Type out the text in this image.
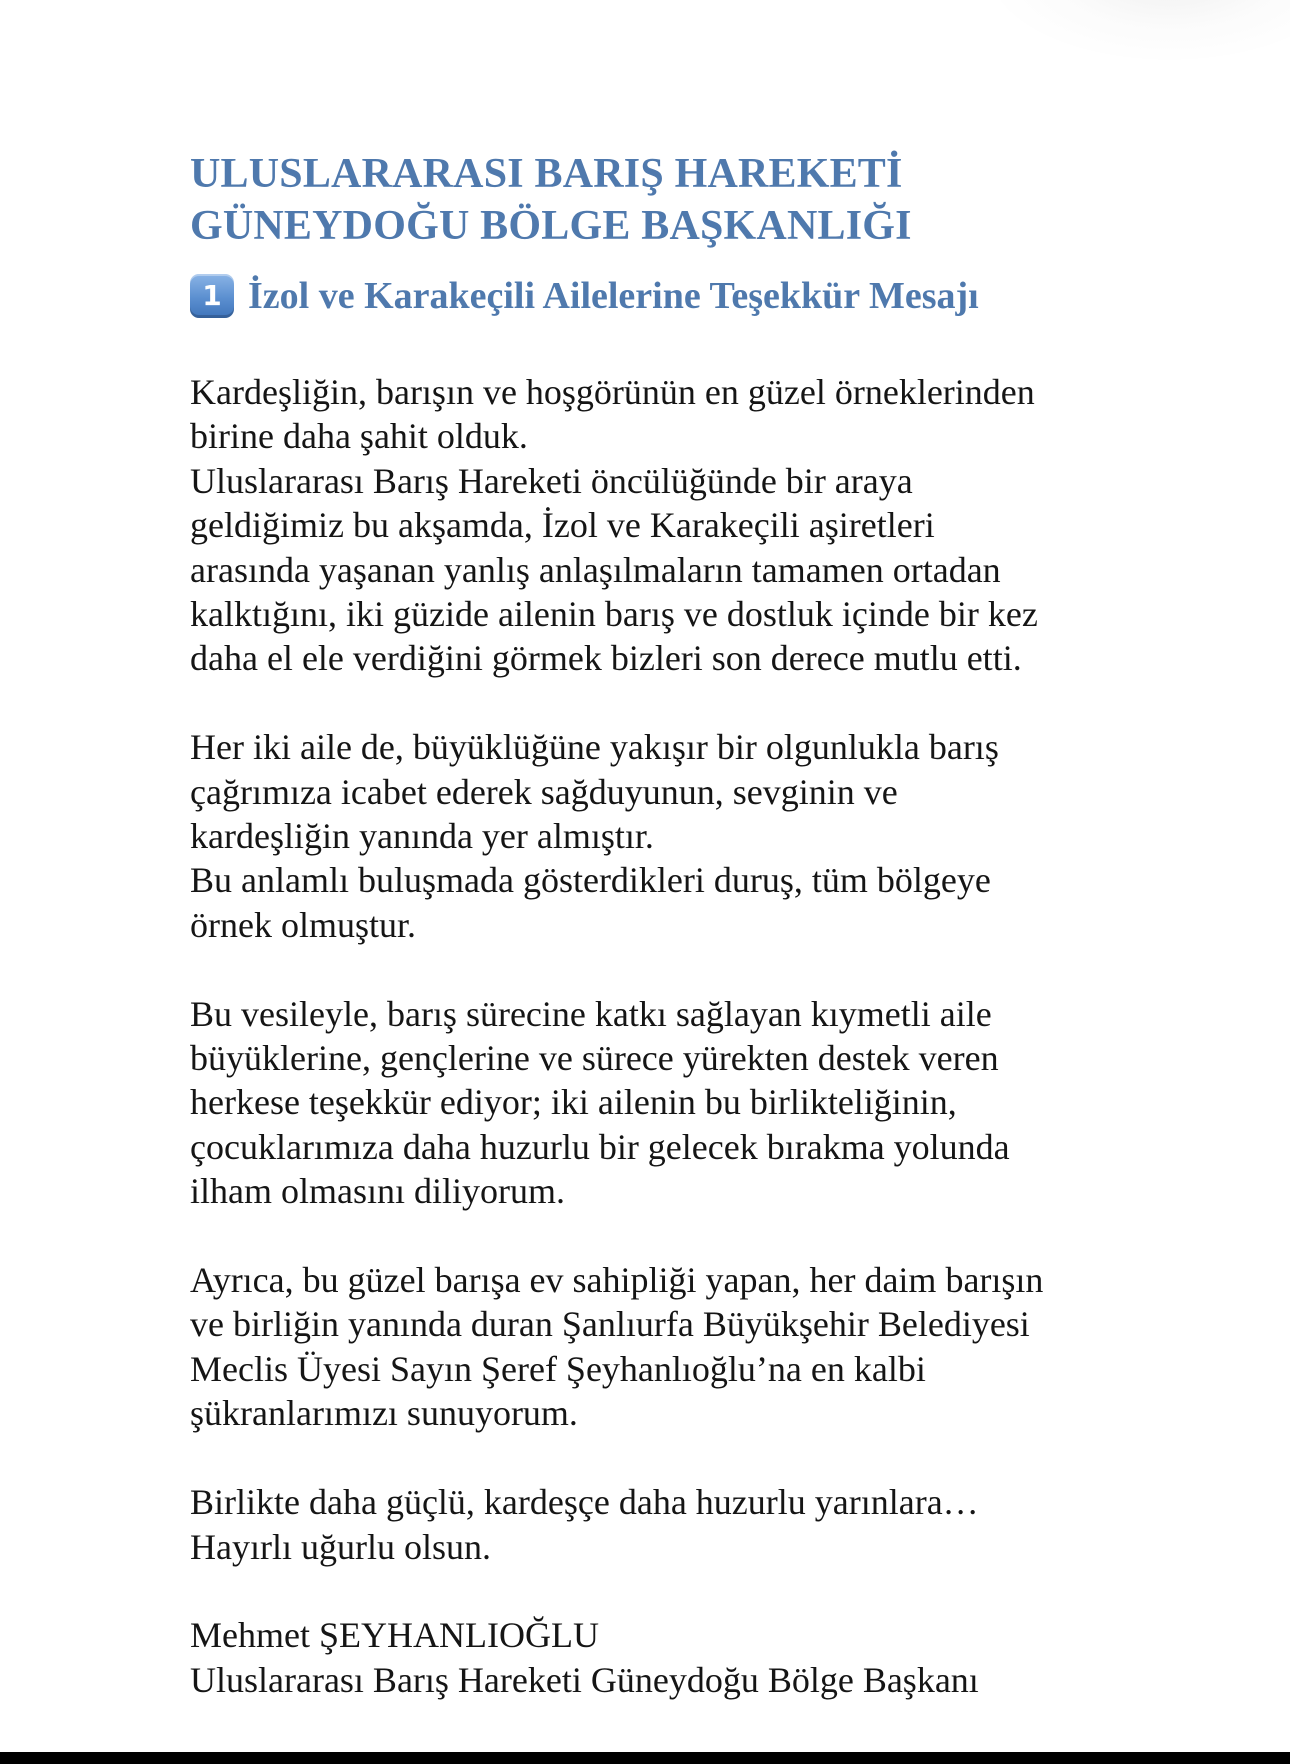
ULUSLARARASI BARIŞ HAREKETİ
GÜNEYDOĞU BÖLGE BAŞKANLIĞI
1 İzol ve Karakeçili Ailelerine Teşekkür Mesajı

Kardeşliğin, barışın ve hoşgörünün en güzel örneklerinden
birine daha şahit olduk.
Uluslararası Barış Hareketi öncülüğünde bir araya
geldiğimiz bu akşamda, İzol ve Karakeçili aşiretleri
arasında yaşanan yanlış anlaşılmaların tamamen ortadan
kalktığını, iki güzide ailenin barış ve dostluk içinde bir kez
daha el ele verdiğini görmek bizleri son derece mutlu etti.

Her iki aile de, büyüklüğüne yakışır bir olgunlukla barış
çağrımıza icabet ederek sağduyunun, sevginin ve
kardeşliğin yanında yer almıştır.
Bu anlamlı buluşmada gösterdikleri duruş, tüm bölgeye
örnek olmuştur.

Bu vesileyle, barış sürecine katkı sağlayan kıymetli aile
büyüklerine, gençlerine ve sürece yürekten destek veren
herkese teşekkür ediyor; iki ailenin bu birlikteliğinin,
çocuklarımıza daha huzurlu bir gelecek bırakma yolunda
ilham olmasını diliyorum.

Ayrıca, bu güzel barışa ev sahipliği yapan, her daim barışın
ve birliğin yanında duran Şanlıurfa Büyükşehir Belediyesi
Meclis Üyesi Sayın Şeref Şeyhanlıoğlu’na en kalbi
şükranlarımızı sunuyorum.

Birlikte daha güçlü, kardeşçe daha huzurlu yarınlara…
Hayırlı uğurlu olsun.

Mehmet ŞEYHANLIOĞLU
Uluslararası Barış Hareketi Güneydoğu Bölge Başkanı
